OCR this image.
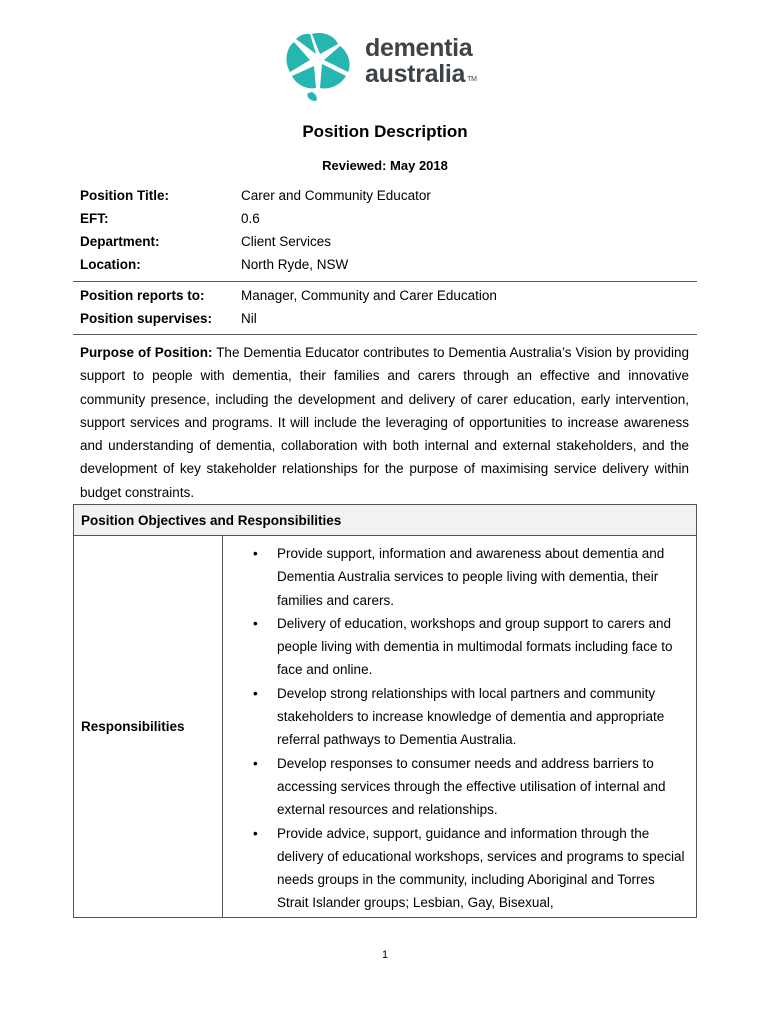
dementia
australia ™
Position Description
Reviewed: May 2018
Position Title:	Carer and Community Educator
EFT:	0.6
Department:	Client Services
Location:	North Ryde, NSW
Position reports to:	Manager, Community and Carer Education
Position supervises: Nil
Purpose of Position: The Dementia Educator contributes to Dementia Australia’s Vision by providing support to people with dementia, their families and carers through an effective and innovative community presence, including the development and delivery of carer education, early intervention, support services and programs. It will include the leveraging of opportunities to increase awareness and understanding of dementia, collaboration with both internal and external stakeholders, and the development of key stakeholder relationships for the purpose of maximising service delivery within budget constraints.
Position Objectives and Responsibilities
Responsibilities	
• Provide support, information and awareness about dementia and Dementia Australia services to people living with dementia, their families and carers.
• Delivery of education, workshops and group support to carers and people living with dementia in multimodal formats including face to face and online.
• Develop strong relationships with local partners and community stakeholders to increase knowledge of dementia and appropriate referral pathways to Dementia Australia.
• Develop responses to consumer needs and address barriers to accessing services through the effective utilisation of internal and external resources and relationships.
• Provide advice, support, guidance and information through the delivery of educational workshops, services and programs to special needs groups in the community, including Aboriginal and Torres Strait Islander groups; Lesbian, Gay, Bisexual,
1
